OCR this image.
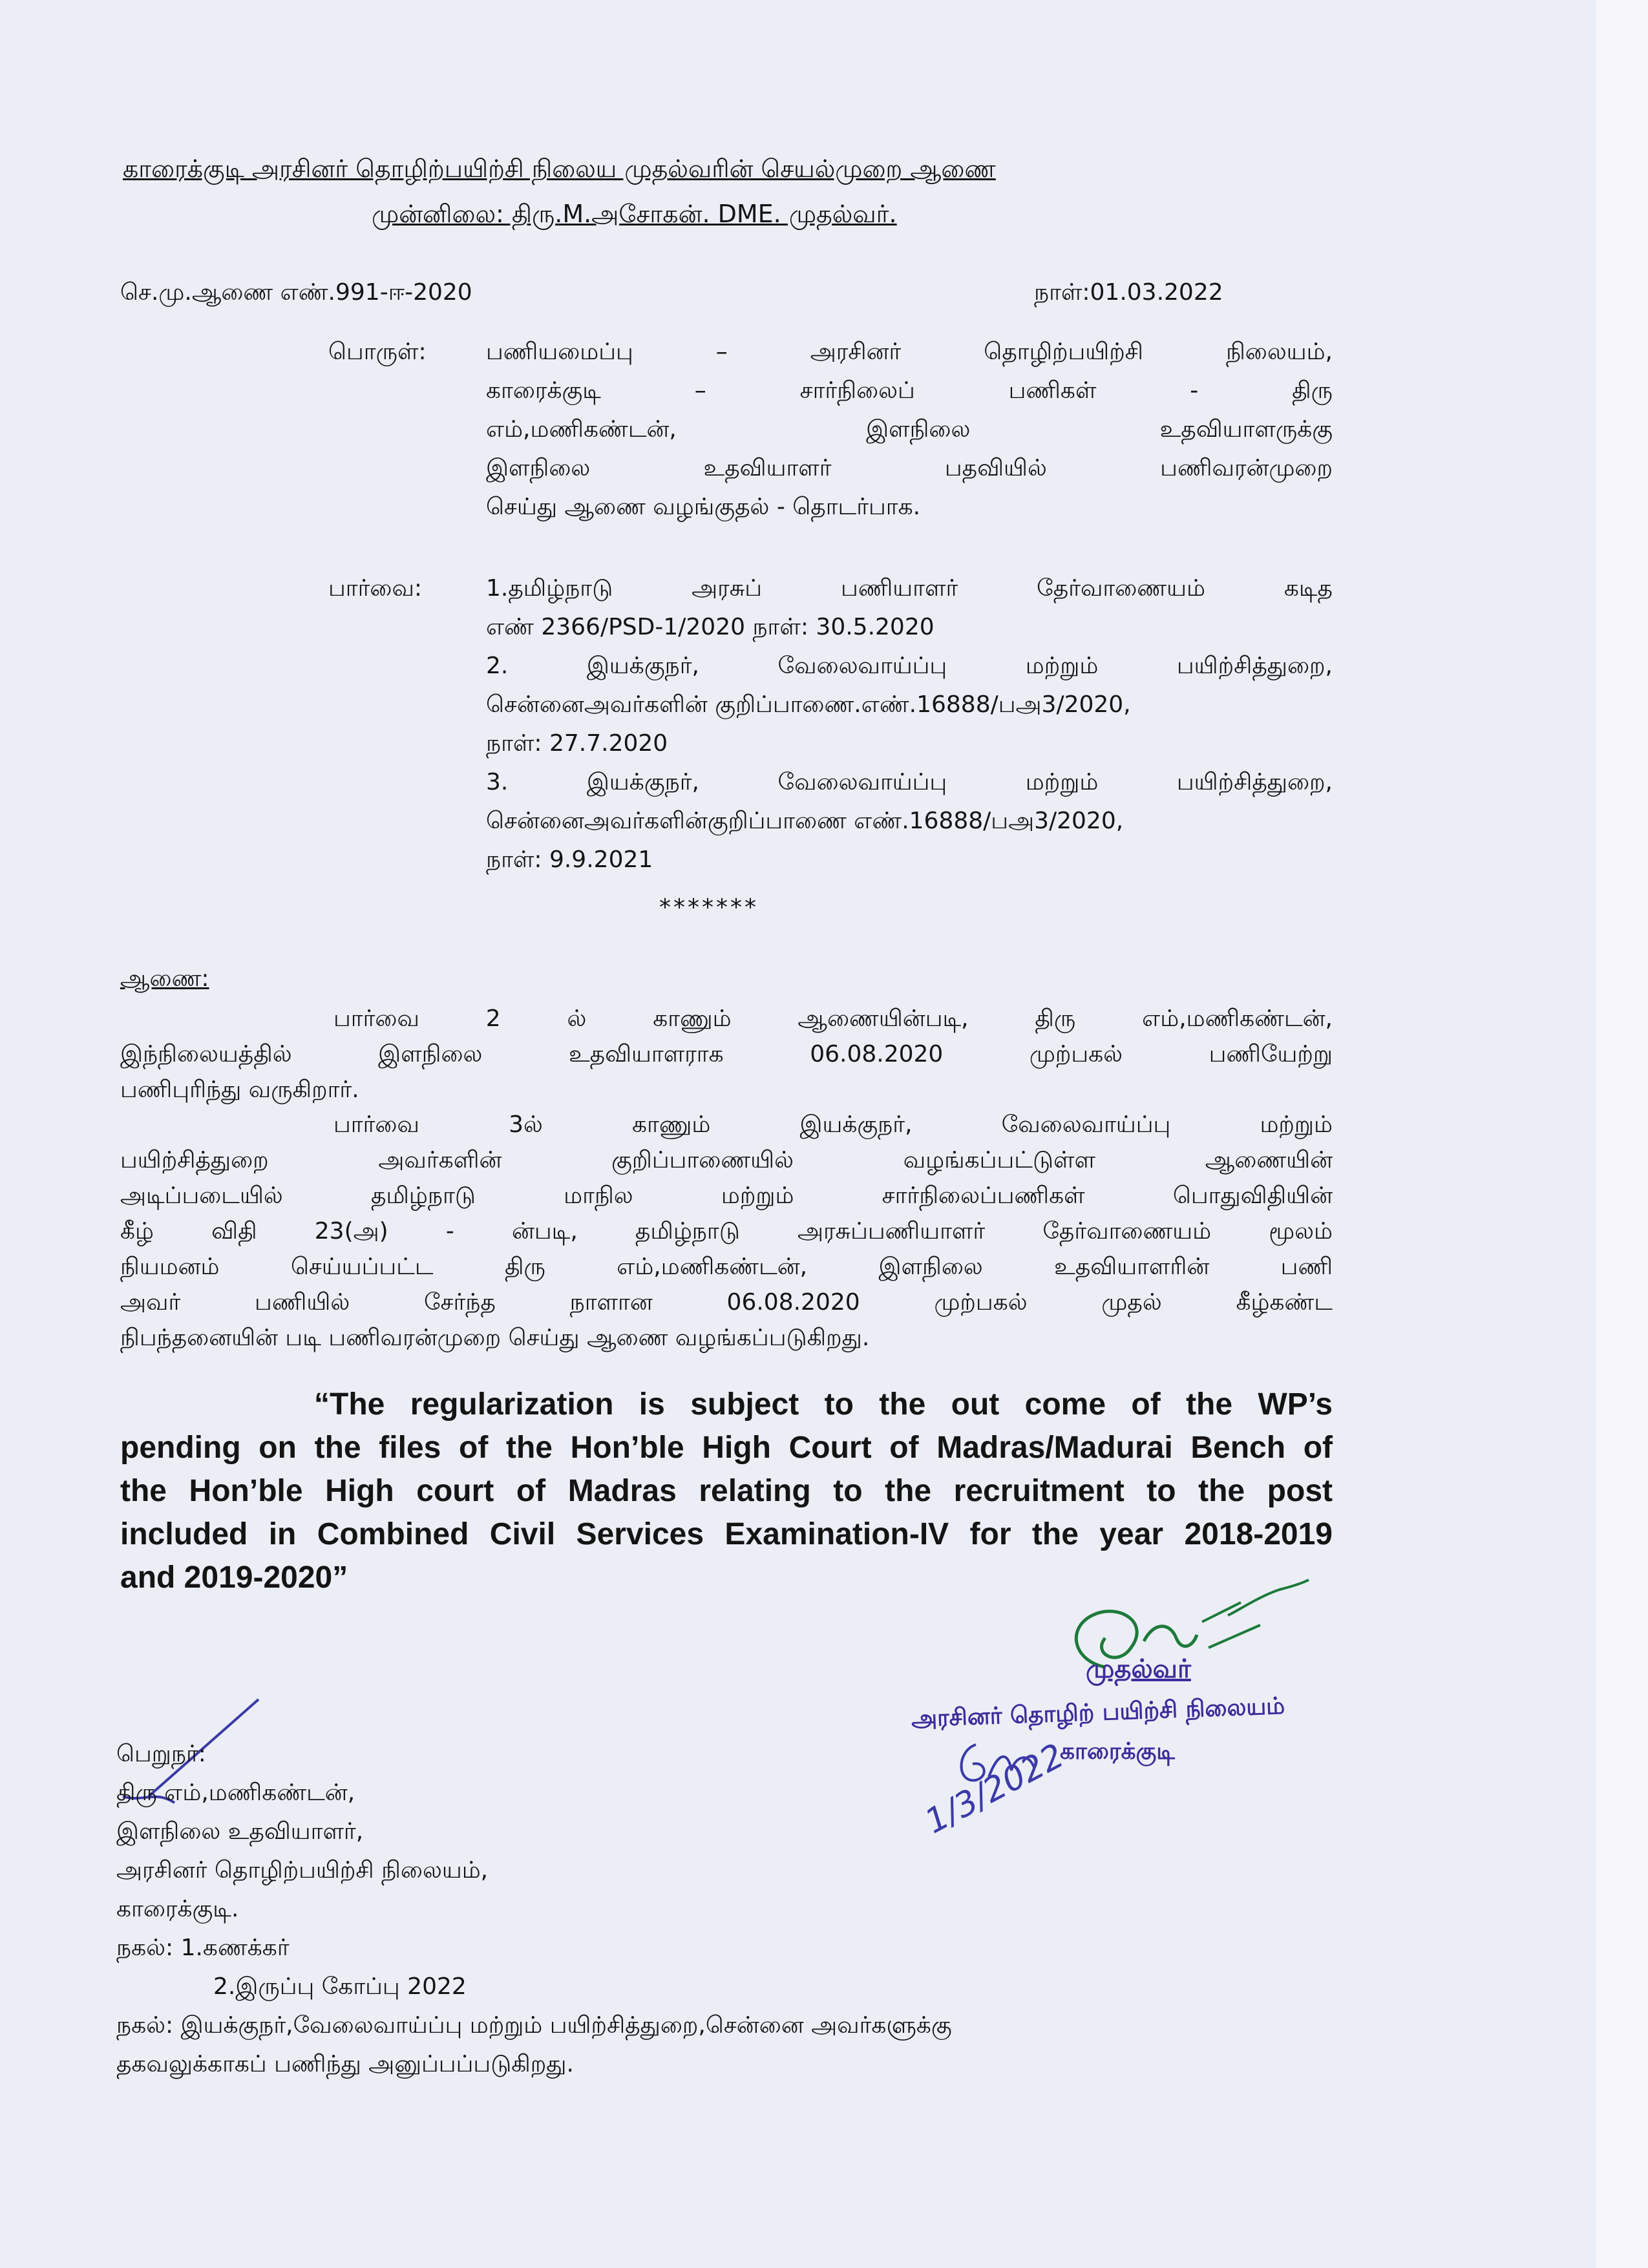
காரைக்குடி அரசினர் தொழிற்பயிற்சி நிலைய முதல்வரின் செயல்முறை ஆணை
முன்னிலை: திரு.M.அசோகன். DME. முதல்வர்.
செ.மு.ஆணை எண்.991-ஈ-2020	நாள்:01.03.2022
பொருள்:	பணியமைப்பு – அரசினர் தொழிற்பயிற்சி நிலையம்,
காரைக்குடி – சார்நிலைப் பணிகள் - திரு
எம்,மணிகண்டன், இளநிலை உதவியாளருக்கு
இளநிலை உதவியாளர் பதவியில் பணிவரன்முறை
செய்து ஆணை வழங்குதல் - தொடர்பாக.
பார்வை:	1.தமிழ்நாடு அரசுப் பணியாளர் தேர்வாணையம் கடித
எண் 2366/PSD-1/2020 நாள்: 30.5.2020
2. இயக்குநர், வேலைவாய்ப்பு மற்றும் பயிற்சித்துறை,
சென்னைஅவர்களின் குறிப்பாணை.எண்.16888/பஅ3/2020,
நாள்: 27.7.2020
3. இயக்குநர், வேலைவாய்ப்பு மற்றும் பயிற்சித்துறை,
சென்னைஅவர்களின்குறிப்பாணை எண்.16888/பஅ3/2020,
நாள்: 9.9.2021
*******
ஆணை:
பார்வை 2 ல் காணும் ஆணையின்படி, திரு எம்,மணிகண்டன்,
இந்நிலையத்தில் இளநிலை உதவியாளராக 06.08.2020 முற்பகல் பணியேற்று
பணிபுரிந்து வருகிறார்.
பார்வை 3ல் காணும் இயக்குநர், வேலைவாய்ப்பு மற்றும்
பயிற்சித்துறை அவர்களின் குறிப்பாணையில் வழங்கப்பட்டுள்ள ஆணையின்
அடிப்படையில் தமிழ்நாடு மாநில மற்றும் சார்நிலைப்பணிகள் பொதுவிதியின்
கீழ் விதி 23(அ) - ன்படி, தமிழ்நாடு அரசுப்பணியாளர் தேர்வாணையம் மூலம்
நியமனம் செய்யப்பட்ட திரு எம்,மணிகண்டன், இளநிலை உதவியாளரின் பணி
அவர் பணியில் சேர்ந்த நாளான 06.08.2020 முற்பகல் முதல் கீழ்கண்ட
நிபந்தனையின் படி பணிவரன்முறை செய்து ஆணை வழங்கப்படுகிறது.
“The regularization is subject to the out come of the WP’s
pending on the files of the Hon’ble High Court of Madras/Madurai Bench of
the Hon’ble High court of Madras relating to the recruitment to the post
included in Combined Civil Services Examination-IV for the year 2018-2019
and 2019-2020”
முதல்வர்
அரசினர் தொழிற் பயிற்சி நிலையம்
காரைக்குடி
1/3/2022
பெறுநர்:
திரு எம்,மணிகண்டன்,
இளநிலை உதவியாளர்,
அரசினர் தொழிற்பயிற்சி நிலையம்,
காரைக்குடி.
நகல்: 1.கணக்கர்
2.இருப்பு கோப்பு 2022
நகல்: இயக்குநர்,வேலைவாய்ப்பு மற்றும் பயிற்சித்துறை,சென்னை அவர்களுக்கு
தகவலுக்காகப் பணிந்து அனுப்பப்படுகிறது.
